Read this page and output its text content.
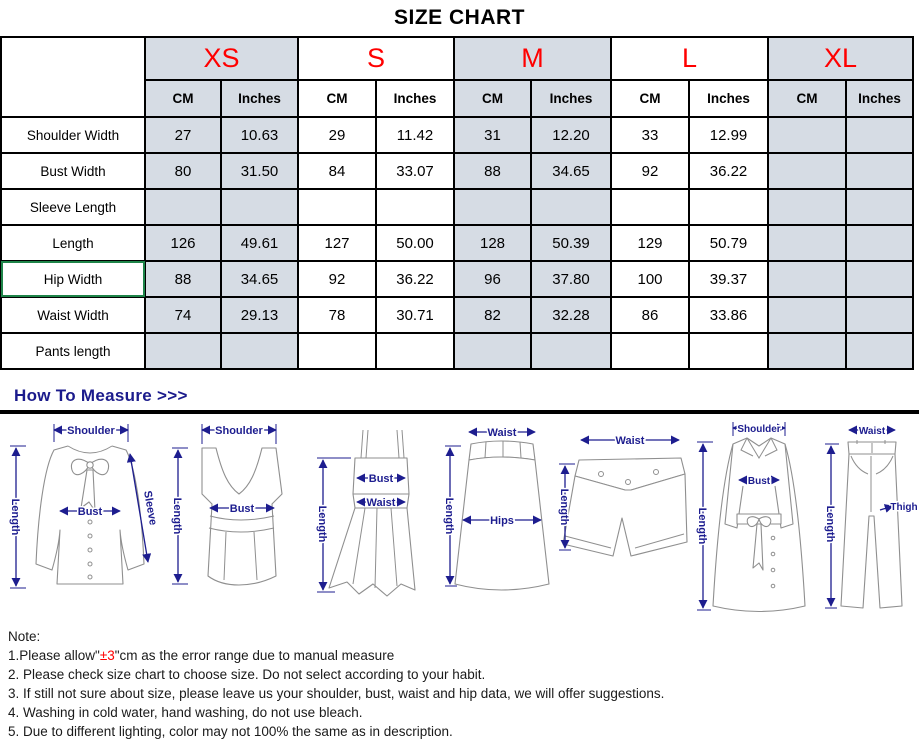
SIZE CHART
	XS		S		M		L		XL	
	CM	Inches	CM	Inches	CM	Inches	CM	Inches	CM	Inches
Shoulder Width	27	10.63	29	11.42	31	12.20	33	12.99		
Bust Width	80	31.50	84	33.07	88	34.65	92	36.22		
Sleeve Length										
Length	126	49.61	127	50.00	128	50.39	129	50.79		
Hip Width	88	34.65	92	36.22	96	37.80	100	39.37		
Waist Width	74	29.13	78	30.71	82	32.28	86	33.86		
Pants length										
How To Measure >>>
Shoulder
Length	Bust	Sleeve
Shoulder
Length	Bust	Length
Bust
Waist
Waist
Length	Hips
Waist
Length
Shoulder
Length
Bust
Waist
Length	Thigh
Note:
1.Please allow"±3"cm as the error range due to manual measure
2. Please check size chart to choose size. Do not select according to your habit.
3. If still not sure about size, please leave us your shoulder, bust, waist and hip data, we will offer suggestions.
4. Washing in cold water, hand washing, do not use bleach.
5. Due to different lighting, color may not 100% the same as in description.
